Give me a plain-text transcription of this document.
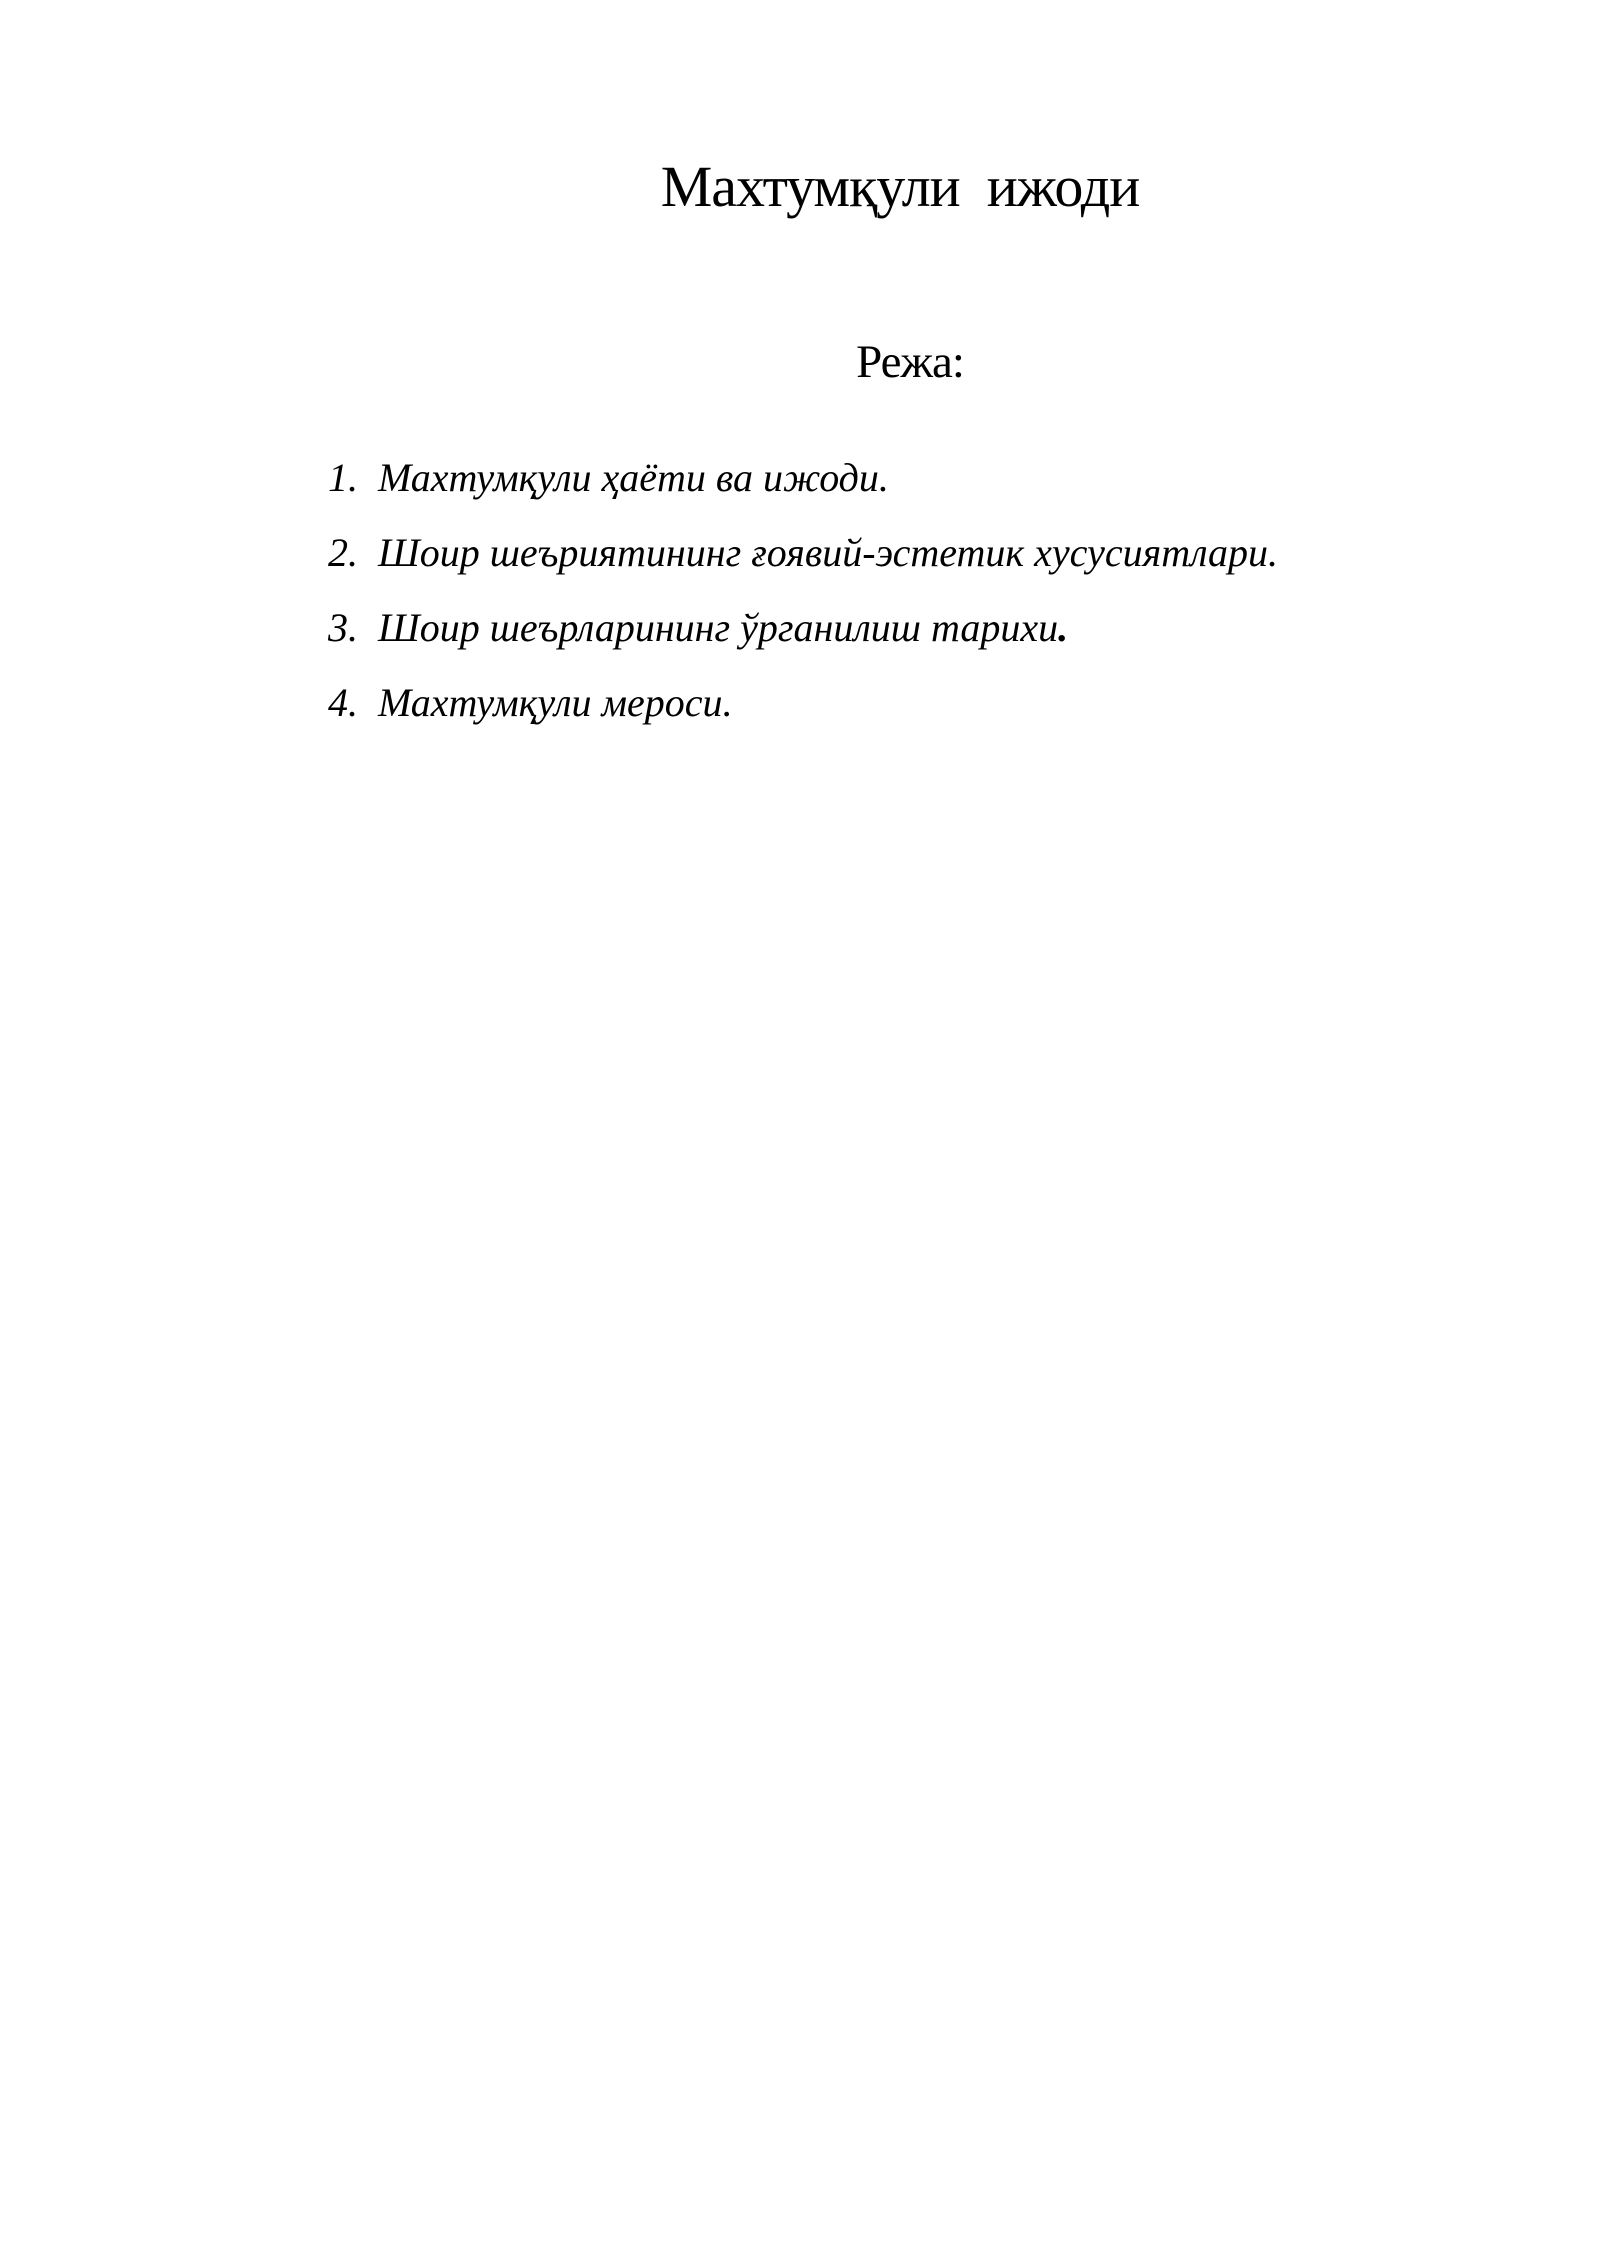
Махтумқули  ижоди
Режа:
1. Махтумқули ҳаёти ва ижоди .
2. Шоир шеъриятининг ғоявий-эстетик хусусиятлари .
3. Шоир шеърларининг ўрганилиш тарихи .
4. Махтумқули мероси .
